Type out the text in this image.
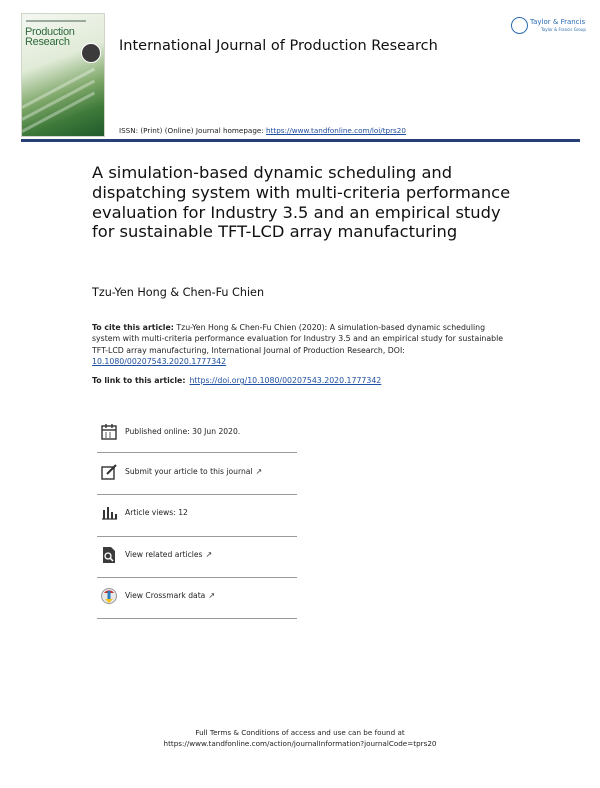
Production Research	International Journal of Production Research
ISSN: (Print) (Online) Journal homepage: https://www.tandfonline.com/loi/tprs20
Taylor & Francis
Taylor & Francis Group
A simulation-based dynamic scheduling and dispatching system with multi-criteria performance evaluation for Industry 3.5 and an empirical study for sustainable TFT-LCD array manufacturing
Tzu-Yen Hong & Chen-Fu Chien
To cite this article: Tzu-Yen Hong & Chen-Fu Chien (2020): A simulation-based dynamic scheduling system with multi-criteria performance evaluation for Industry 3.5 and an empirical study for sustainable TFT-LCD array manufacturing, International Journal of Production Research, DOI: 10.1080/00207543.2020.1777342
To link to this article: https://doi.org/10.1080/00207543.2020.1777342
Published online: 30 Jun 2020.
Submit your article to this journal ↗
Article views: 12
View related articles ↗
View Crossmark data ↗
Full Terms & Conditions of access and use can be found at
https://www.tandfonline.com/action/journalInformation?journalCode=tprs20
